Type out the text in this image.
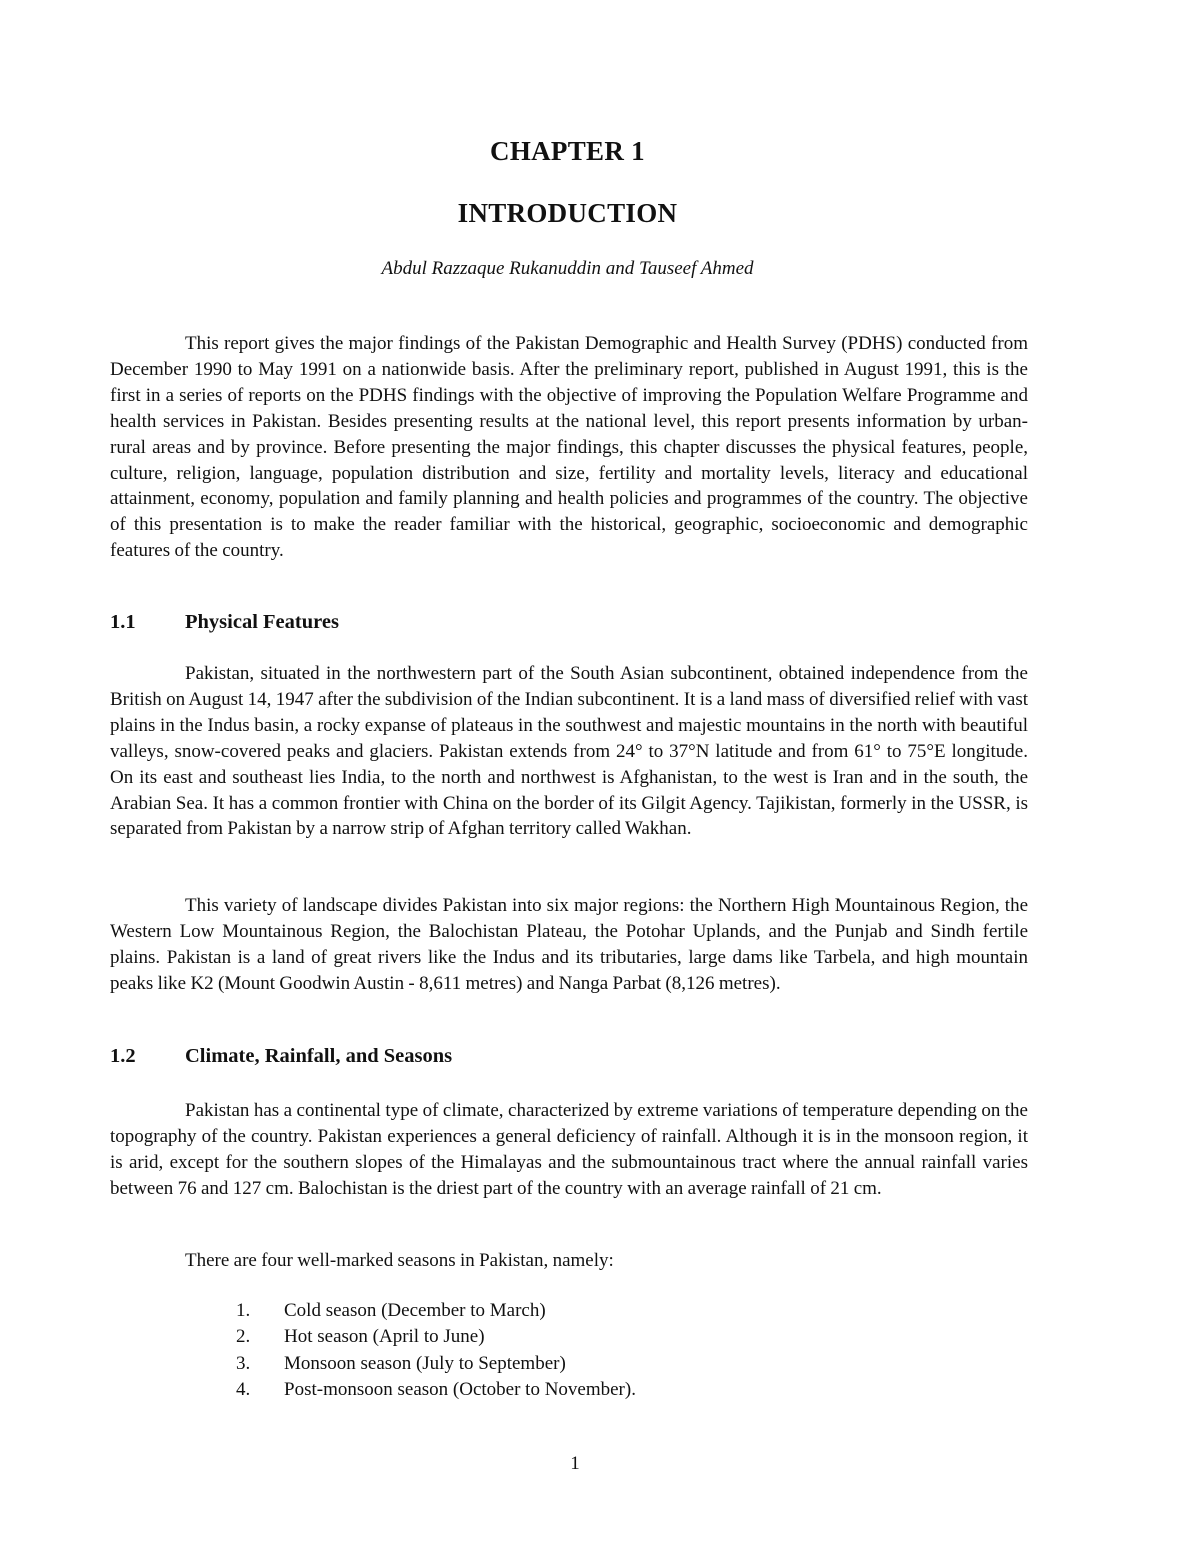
CHAPTER 1
INTRODUCTION
Abdul Razzaque Rukanuddin and Tauseef Ahmed

This report gives the major findings of the Pakistan Demographic and Health Survey (PDHS) conducted from December 1990 to May 1991 on a nationwide basis. After the preliminary report, published in August 1991, this is the first in a series of reports on the PDHS findings with the objective of improving the Population Welfare Programme and health services in Pakistan. Besides presenting results at the national level, this report presents information by urban-rural areas and by province. Before presenting the major findings, this chapter discusses the physical features, people, culture, religion, language, population distribution and size, fertility and mortality levels, literacy and educational attainment, economy, population and family planning and health policies and programmes of the country. The objective of this presentation is to make the reader familiar with the historical, geographic, socioeconomic and demographic features of the country.

1.1 Physical Features

Pakistan, situated in the northwestern part of the South Asian subcontinent, obtained independence from the British on August 14, 1947 after the subdivision of the Indian subcontinent. It is a land mass of diversified relief with vast plains in the Indus basin, a rocky expanse of plateaus in the southwest and majestic mountains in the north with beautiful valleys, snow-covered peaks and glaciers. Pakistan extends from 24° to 37°N latitude and from 61° to 75°E longitude. On its east and southeast lies India, to the north and northwest is Afghanistan, to the west is Iran and in the south, the Arabian Sea. It has a common frontier with China on the border of its Gilgit Agency. Tajikistan, formerly in the USSR, is separated from Pakistan by a narrow strip of Afghan territory called Wakhan.

This variety of landscape divides Pakistan into six major regions: the Northern High Mountainous Region, the Western Low Mountainous Region, the Balochistan Plateau, the Potohar Uplands, and the Punjab and Sindh fertile plains. Pakistan is a land of great rivers like the Indus and its tributaries, large dams like Tarbela, and high mountain peaks like K2 (Mount Goodwin Austin - 8,611 metres) and Nanga Parbat (8,126 metres).

1.2 Climate, Rainfall, and Seasons

Pakistan has a continental type of climate, characterized by extreme variations of temperature depending on the topography of the country. Pakistan experiences a general deficiency of rainfall. Although it is in the monsoon region, it is arid, except for the southern slopes of the Himalayas and the submountainous tract where the annual rainfall varies between 76 and 127 cm. Balochistan is the driest part of the country with an average rainfall of 21 cm.

There are four well-marked seasons in Pakistan, namely:

1.	Cold season (December to March)
2.	Hot season (April to June)
3.	Monsoon season (July to September)
4.	Post-monsoon season (October to November).
1
